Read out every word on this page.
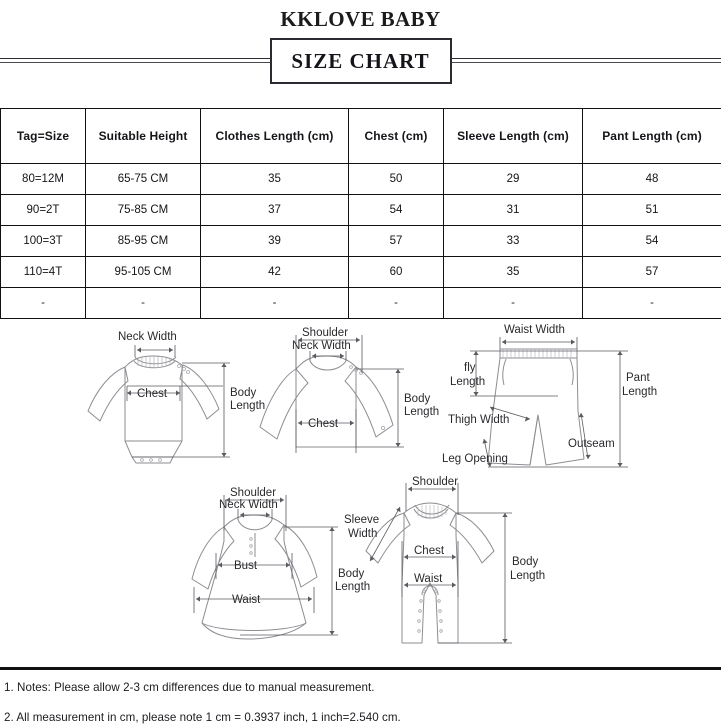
KKLOVE BABY
SIZE CHART
Tag=Size	Suitable Height	Clothes Length (cm)	Chest (cm)	Sleeve Length (cm)	Pant Length (cm)
80=12M	65-75 CM	35	50	29	48
90=2T	75-85 CM	37	54	31	51
100=3T	85-95 CM	39	57	33	54
110=4T	95-105 CM	42	60	35	57
-	-	-	-	-	-
Neck Width
Chest	Body
Length
Shoulder
Neck Width
Chest
Body
Length
Waist Width
fly
Length
Thigh Width
Leg Opening
Outseam
Pant
Length
Shoulder
Neck Width
Bust
Waist
Body
Length
Shoulder
Sleeve
Width
Chest
Waist
Body
Length
1. Notes: Please allow 2-3 cm differences due to manual measurement.
2. All measurement in cm, please note 1 cm = 0.3937 inch, 1 inch=2.540 cm.
